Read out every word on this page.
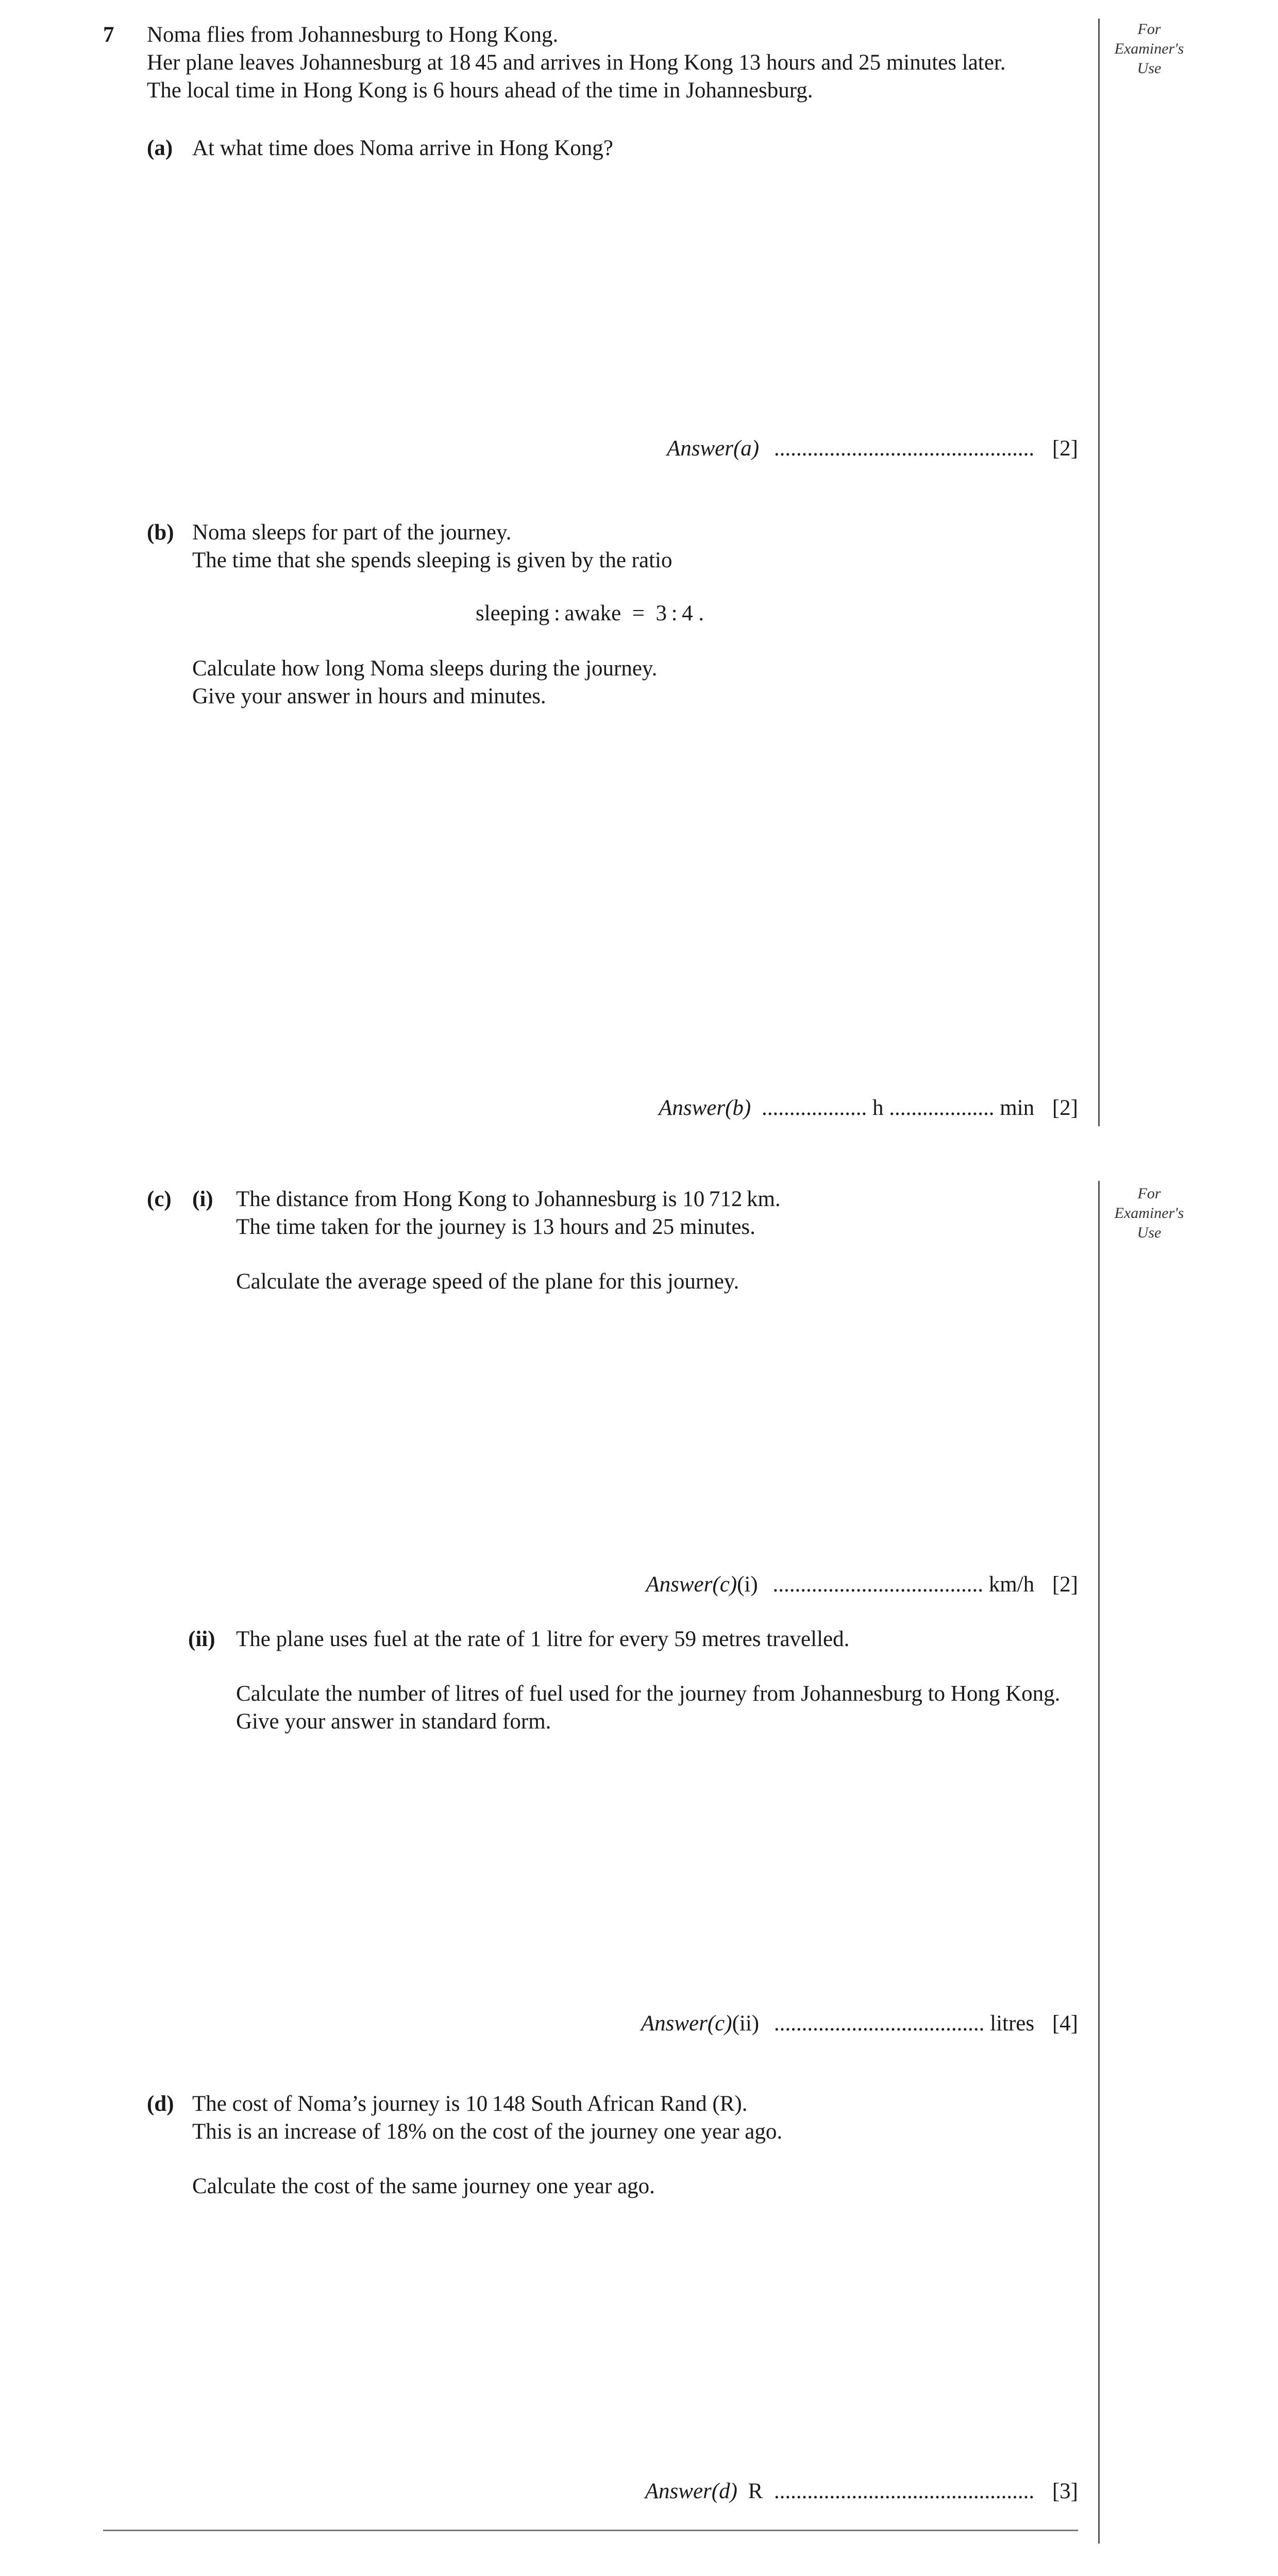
7 Noma flies from Johannesburg to Hong Kong.
Her plane leaves Johannesburg at 18 45 and arrives in Hong Kong 13 hours and 25 minutes later.
The local time in Hong Kong is 6 hours ahead of the time in Johannesburg.
For
Examiner's
Use
(a) At what time does Noma arrive in Hong Kong?
Answer(a) ............................................... [2]
(b) Noma sleeps for part of the journey.
The time that she spends sleeping is given by the ratio
sleeping : awake  =  3 : 4 .
Calculate how long Noma sleeps during the journey.
Give your answer in hours and minutes.
Answer(b) ................... h ................... min [2]
For
Examiner's
Use
(c) (i) The distance from Hong Kong to Johannesburg is 10 712 km.
The time taken for the journey is 13 hours and 25 minutes.
Calculate the average speed of the plane for this journey.
Answer(c)(i) ...................................... km/h [2]
(ii) The plane uses fuel at the rate of 1 litre for every 59 metres travelled.
Calculate the number of litres of fuel used for the journey from Johannesburg to Hong Kong.
Give your answer in standard form.
Answer(c)(ii) ...................................... litres [4]
(d) The cost of Noma’s journey is 10 148 South African Rand (R).
This is an increase of 18% on the cost of the journey one year ago.
Calculate the cost of the same journey one year ago.
Answer(d) R  ............................................... [3]
